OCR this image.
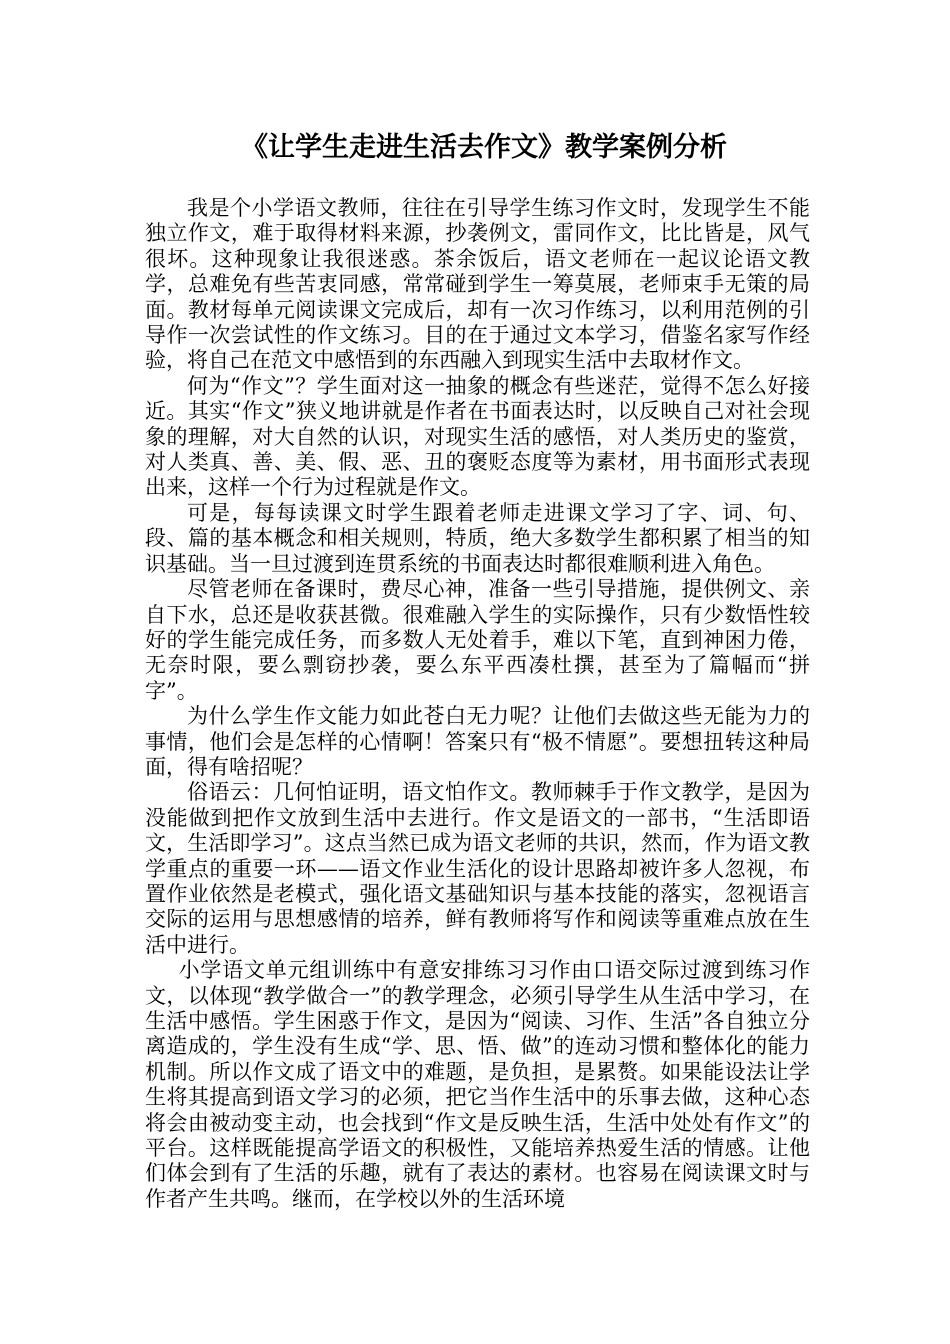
《让学生走进生活去作文》教学案例分析

我是个小学语文教师，往往在引导学生练习作文时，发现学生不能独立作文，难于取得材料来源，抄袭例文，雷同作文，比比皆是，风气很坏。这种现象让我很迷惑。茶余饭后，语文老师在一起议论语文教学，总难免有些苦衷同感，常常碰到学生一筹莫展，老师束手无策的局面。教材每单元阅读课文完成后，却有一次习作练习，以利用范例的引导作一次尝试性的作文练习。目的在于通过文本学习，借鉴名家写作经验，将自己在范文中感悟到的东西融入到现实生活中去取材作文。

何为“作文”？学生面对这一抽象的概念有些迷茫，觉得不怎么好接近。其实“作文”狭义地讲就是作者在书面表达时，以反映自己对社会现象的理解，对大自然的认识，对现实生活的感悟，对人类历史的鉴赏，对人类真、善、美、假、恶、丑的褒贬态度等为素材，用书面形式表现出来，这样一个行为过程就是作文。

可是，每每读课文时学生跟着老师走进课文学习了字、词、句、段、篇的基本概念和相关规则，特质，绝大多数学生都积累了相当的知识基础。当一旦过渡到连贯系统的书面表达时都很难顺利进入角色。

尽管老师在备课时，费尽心神，准备一些引导措施，提供例文、亲自下水，总还是收获甚微。很难融入学生的实际操作，只有少数悟性较好的学生能完成任务，而多数人无处着手，难以下笔，直到神困力倦，无奈时限，要么剽窃抄袭，要么东平西凑杜撰，甚至为了篇幅而“拼字”。

为什么学生作文能力如此苍白无力呢？让他们去做这些无能为力的事情，他们会是怎样的心情啊！答案只有“极不情愿”。要想扭转这种局面，得有啥招呢？

俗语云：几何怕证明，语文怕作文。教师棘手于作文教学，是因为没能做到把作文放到生活中去进行。作文是语文的一部书，“生活即语文，生活即学习”。这点当然已成为语文老师的共识，然而，作为语文教学重点的重要一环——语文作业生活化的设计思路却被许多人忽视，布置作业依然是老模式，强化语文基础知识与基本技能的落实，忽视语言交际的运用与思想感情的培养，鲜有教师将写作和阅读等重难点放在生活中进行。

小学语文单元组训练中有意安排练习习作由口语交际过渡到练习作文，以体现“教学做合一”的教学理念，必须引导学生从生活中学习，在生活中感悟。学生困惑于作文，是因为“阅读、习作、生活”各自独立分离造成的，学生没有生成“学、思、悟、做”的连动习惯和整体化的能力机制。所以作文成了语文中的难题，是负担，是累赘。如果能设法让学生将其提高到语文学习的必须，把它当作生活中的乐事去做，这种心态将会由被动变主动，也会找到“作文是反映生活，生活中处处有作文”的平台。这样既能提高学语文的积极性，又能培养热爱生活的情感。让他们体会到有了生活的乐趣，就有了表达的素材。也容易在阅读课文时与作者产生共鸣。继而，在学校以外的生活环境
